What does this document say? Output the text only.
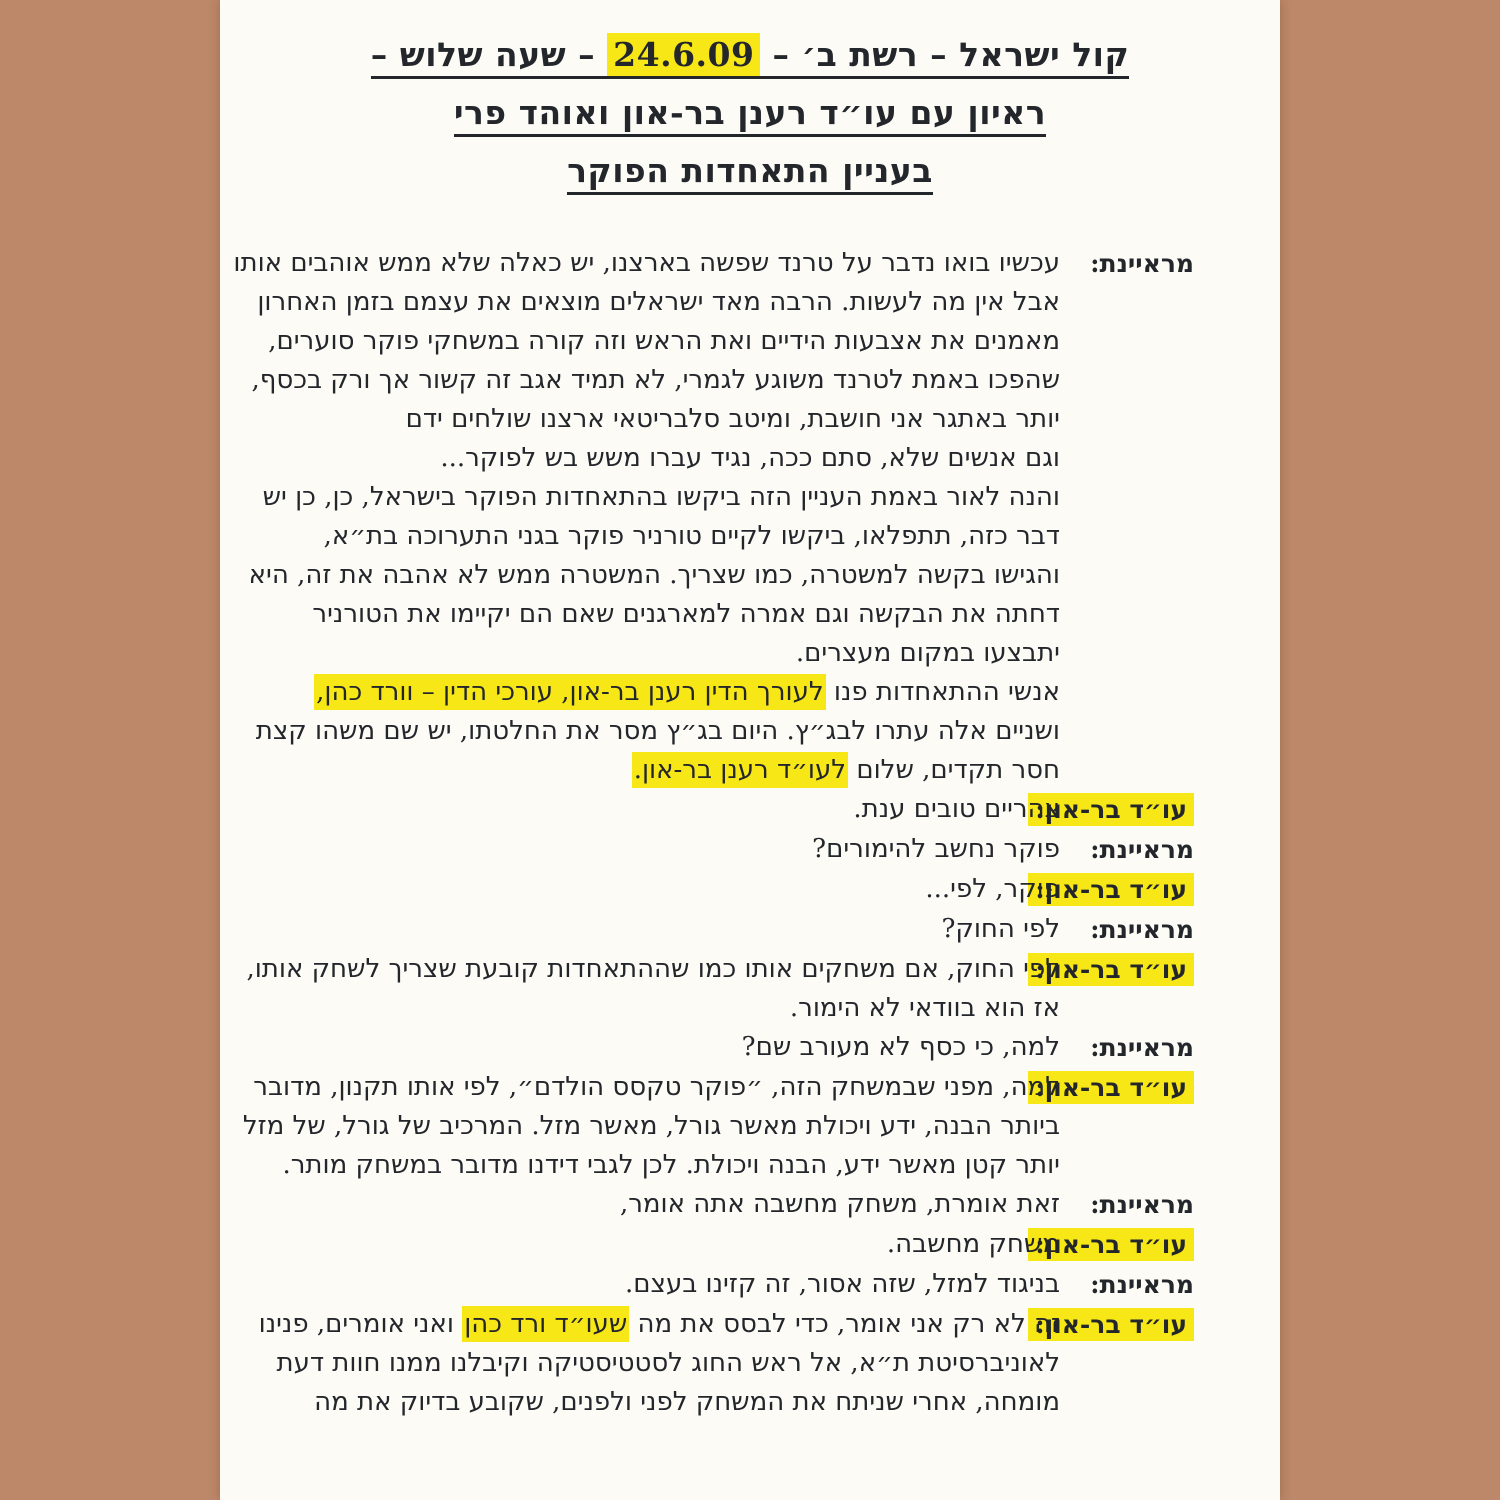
קול ישראל – רשת ב׳ – 24.6.09 – שעה שלוש –
ראיון עם עו״ד רענן בר-און ואוהד פרי
בעניין התאחדות הפוקר
מראיינת:
עכשיו בואו נדבר על טרנד שפשה בארצנו, יש כאלה שלא ממש אוהבים אותו
אבל אין מה לעשות. הרבה מאד ישראלים מוצאים את עצמם בזמן האחרון
מאמנים את אצבעות הידיים ואת הראש וזה קורה במשחקי פוקר סוערים,
שהפכו באמת לטרנד משוגע לגמרי, לא תמיד אגב זה קשור אך ורק בכסף,
יותר באתגר אני חושבת, ומיטב סלבריטאי ארצנו שולחים ידם
וגם אנשים שלא, סתם ככה, נגיד עברו משש בש לפוקר...
והנה לאור באמת העניין הזה ביקשו בהתאחדות הפוקר בישראל, כן, כן יש
דבר כזה, תתפלאו, ביקשו לקיים טורניר פוקר בגני התערוכה בת״א,
והגישו בקשה למשטרה, כמו שצריך. המשטרה ממש לא אהבה את זה, היא
דחתה את הבקשה וגם אמרה למארגנים שאם הם יקיימו את הטורניר
יתבצעו במקום מעצרים.
אנשי ההתאחדות פנו לעורך הדין רענן בר-און, עורכי הדין – וורד כהן,
ושניים אלה עתרו לבג״ץ. היום בג״ץ מסר את החלטתו, יש שם משהו קצת
חסר תקדים, שלום לעו״ד רענן בר-און.
עו״ד בר-און:
צהריים טובים ענת.
מראיינת:
פוקר נחשב להימורים?
עו״ד בר-און:
פוקר, לפי...
מראיינת:
לפי החוק?
עו״ד בר-און:
לפי החוק, אם משחקים אותו כמו שההתאחדות קובעת שצריך לשחק אותו,
אז הוא בוודאי לא הימור.
מראיינת:
למה, כי כסף לא מעורב שם?
עו״ד בר-און:
למה, מפני שבמשחק הזה, ״פוקר טקסס הולדם״, לפי אותו תקנון, מדובר
ביותר הבנה, ידע ויכולת מאשר גורל, מאשר מזל. המרכיב של גורל, של מזל
יותר קטן מאשר ידע, הבנה ויכולת. לכן לגבי דידנו מדובר במשחק מותר.
מראיינת:
זאת אומרת, משחק מחשבה אתה אומר,
עו״ד בר-און:
משחק מחשבה.
מראיינת:
בניגוד למזל, שזה אסור, זה קזינו בעצם.
עו״ד בר-און:
זה לא רק אני אומר, כדי לבסס את מה שעו״ד ורד כהן ואני אומרים, פנינו
לאוניברסיטת ת״א, אל ראש החוג לסטטיסטיקה וקיבלנו ממנו חוות דעת
מומחה, אחרי שניתח את המשחק לפני ולפנים, שקובע בדיוק את מה
